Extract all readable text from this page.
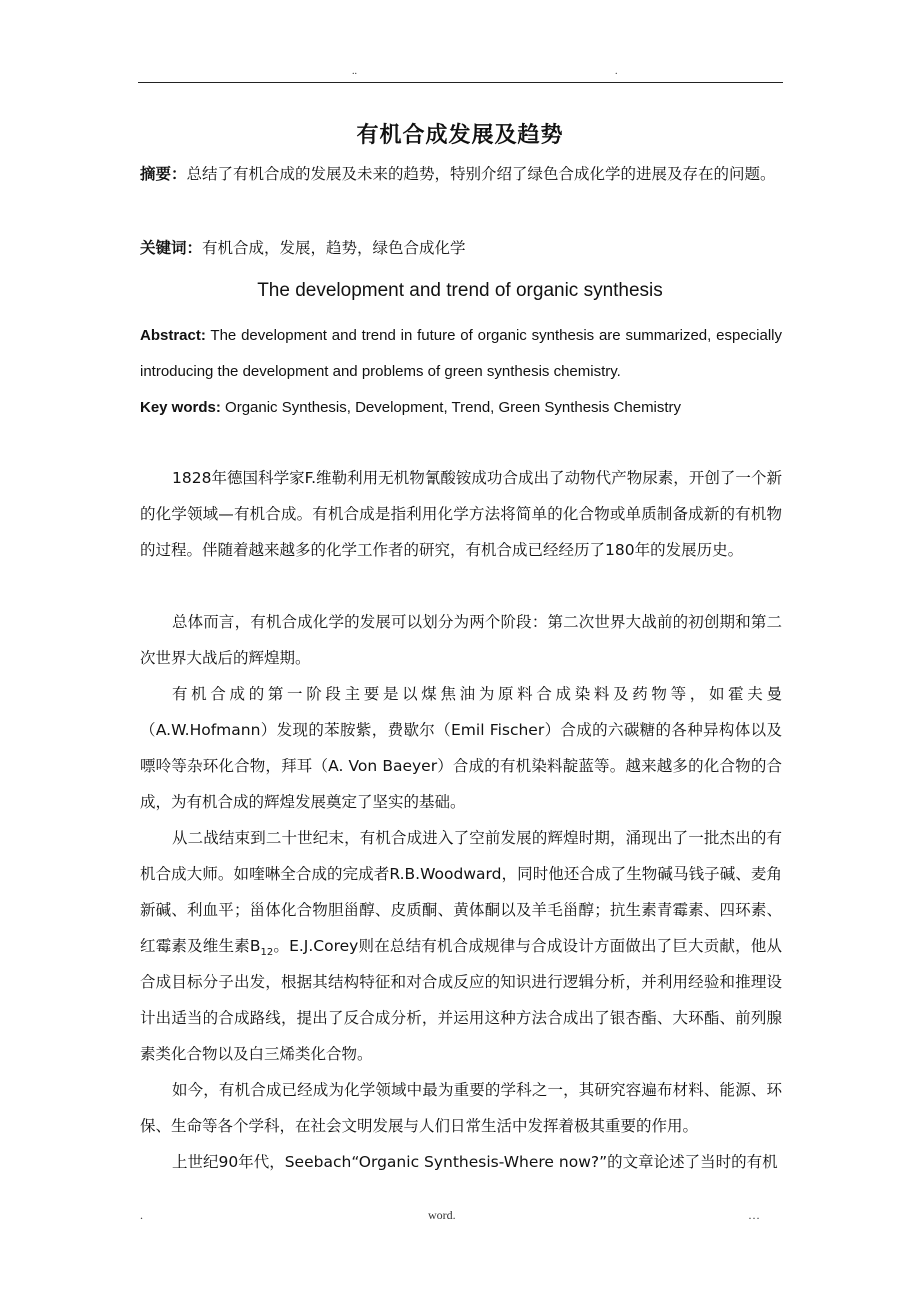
..	.
有机合成发展及趋势
摘要：总结了有机合成的发展及未来的趋势，特别介绍了绿色合成化学的进展及存在的问题。
关键词：有机合成，发展，趋势，绿色合成化学
The development and trend of organic synthesis
Abstract: The development and trend in future of organic synthesis are summarized, especially introducing the development and problems of green synthesis chemistry.
Key words: Organic Synthesis, Development, Trend, Green Synthesis Chemistry
1828年德国科学家F.维勒利用无机物氰酸铵成功合成出了动物代产物尿素，开创了一个新的化学领域—有机合成。有机合成是指利用化学方法将简单的化合物或单质制备成新的有机物的过程。伴随着越来越多的化学工作者的研究，有机合成已经经历了180年的发展历史。
总体而言，有机合成化学的发展可以划分为两个阶段：第二次世界大战前的初创期和第二次世界大战后的辉煌期。
有机合成的第一阶段主要是以煤焦油为原料合成染料及药物等，如霍夫曼（A.W.Hofmann）发现的苯胺紫，费歇尔（Emil Fischer）合成的六碳糖的各种异构体以及嘌呤等杂环化合物，拜耳（A. Von Baeyer）合成的有机染料靛蓝等。越来越多的化合物的合成，为有机合成的辉煌发展奠定了坚实的基础。
从二战结束到二十世纪末，有机合成进入了空前发展的辉煌时期，涌现出了一批杰出的有机合成大师。如喹啉全合成的完成者R.B.Woodward，同时他还合成了生物碱马钱子碱、麦角新碱、利血平；甾体化合物胆甾醇、皮质酮、黄体酮以及羊毛甾醇；抗生素青霉素、四环素、红霉素及维生素$B_{12}$。E.J.Corey则在总结有机合成规律与合成设计方面做出了巨大贡献，他从合成目标分子出发，根据其结构特征和对合成反应的知识进行逻辑分析，并利用经验和推理设计出适当的合成路线，提出了反合成分析，并运用这种方法合成出了银杏酯、大环酯、前列腺素类化合物以及白三烯类化合物。
如今，有机合成已经成为化学领域中最为重要的学科之一，其研究容遍布材料、能源、环保、生命等各个学科，在社会文明发展与人们日常生活中发挥着极其重要的作用。
上世纪90年代，Seebach“Organic Synthesis-Where now?”的文章论述了当时的有机
.	word.	…
